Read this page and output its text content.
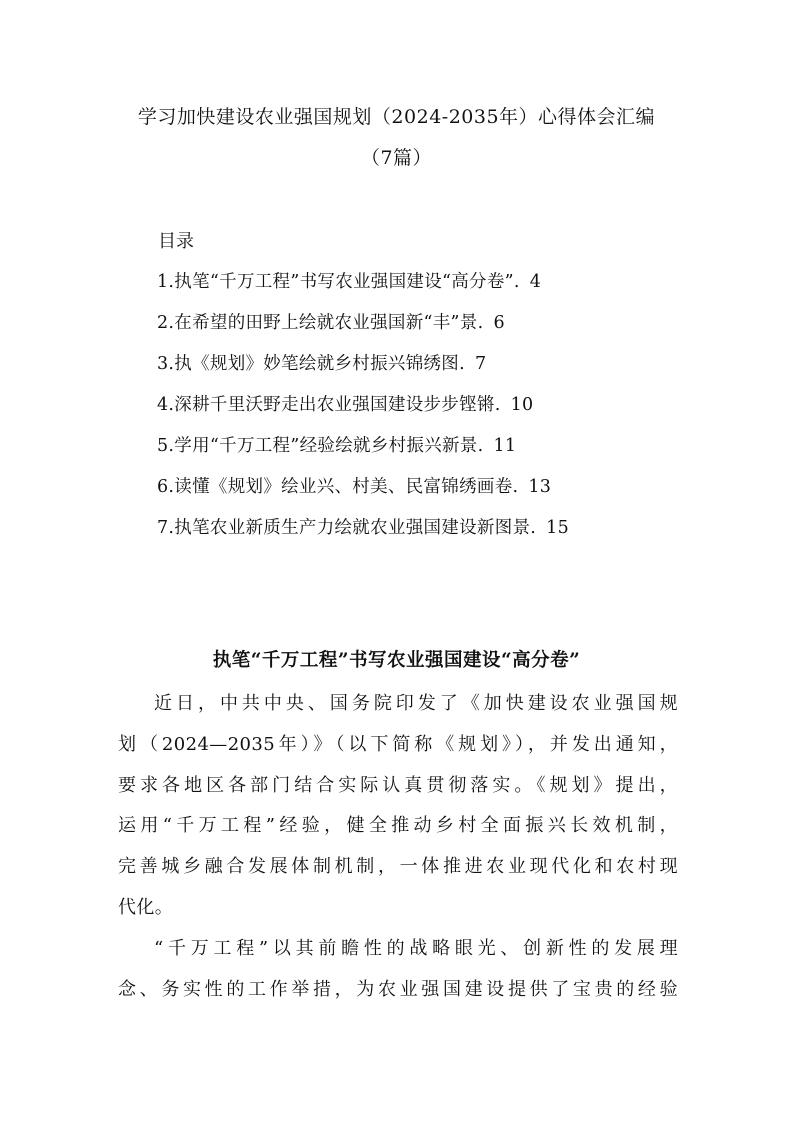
学习加快建设农业强国规划（2024-2035年）心得体会汇编
（7篇）
目录
1.执笔“千万工程”书写农业强国建设“高分卷”. 4
2.在希望的田野上绘就农业强国新“丰”景. 6
3.执《规划》妙笔绘就乡村振兴锦绣图. 7
4.深耕千里沃野走出农业强国建设步步铿锵. 10
5.学用“千万工程”经验绘就乡村振兴新景. 11
6.读懂《规划》绘业兴、村美、民富锦绣画卷. 13
7.执笔农业新质生产力绘就农业强国建设新图景. 15
执笔“千万工程”书写农业强国建设“高分卷”

近日，中共中央、国务院印发了《加快建设农业强国规
划（2024—2035年）》（以下简称《规划》），并发出通知，
要求各地区各部门结合实际认真贯彻落实。《规划》提出，
运用“千万工程”经验，健全推动乡村全面振兴长效机制，
完善城乡融合发展体制机制，一体推进农业现代化和农村现
代化。

“千万工程”以其前瞻性的战略眼光、创新性的发展理
念、务实性的工作举措，为农业强国建设提供了宝贵的经验
